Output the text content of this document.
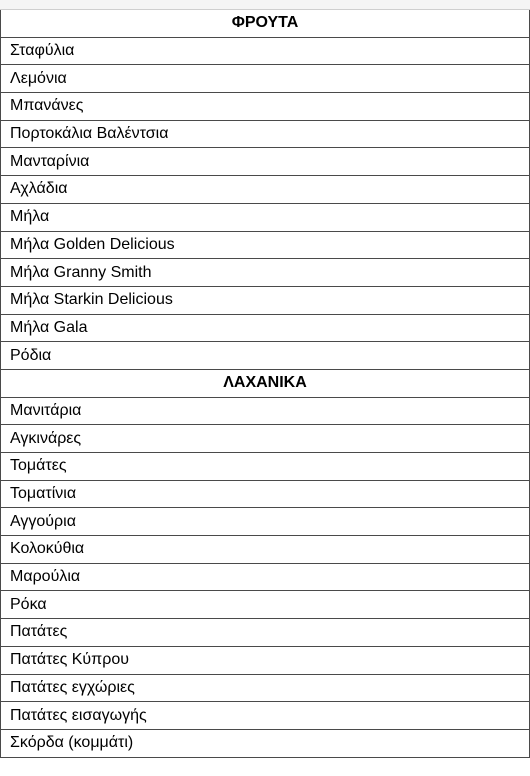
ΦΡΟΥΤΑ
Σταφύλια
Λεμόνια
Μπανάνες
Πορτοκάλια Βαλέντσια
Μανταρίνια
Αχλάδια
Μήλα
Μήλα Golden Delicious
Μήλα Granny Smith
Μήλα Starkin Delicious
Μήλα Gala
Ρόδια
ΛΑΧΑΝΙΚΑ
Μανιτάρια
Αγκινάρες
Τομάτες
Τοματίνια
Αγγούρια
Κολοκύθια
Μαρούλια
Ρόκα
Πατάτες
Πατάτες Κύπρου
Πατάτες εγχώριες
Πατάτες εισαγωγής
Σκόρδα (κομμάτι)
